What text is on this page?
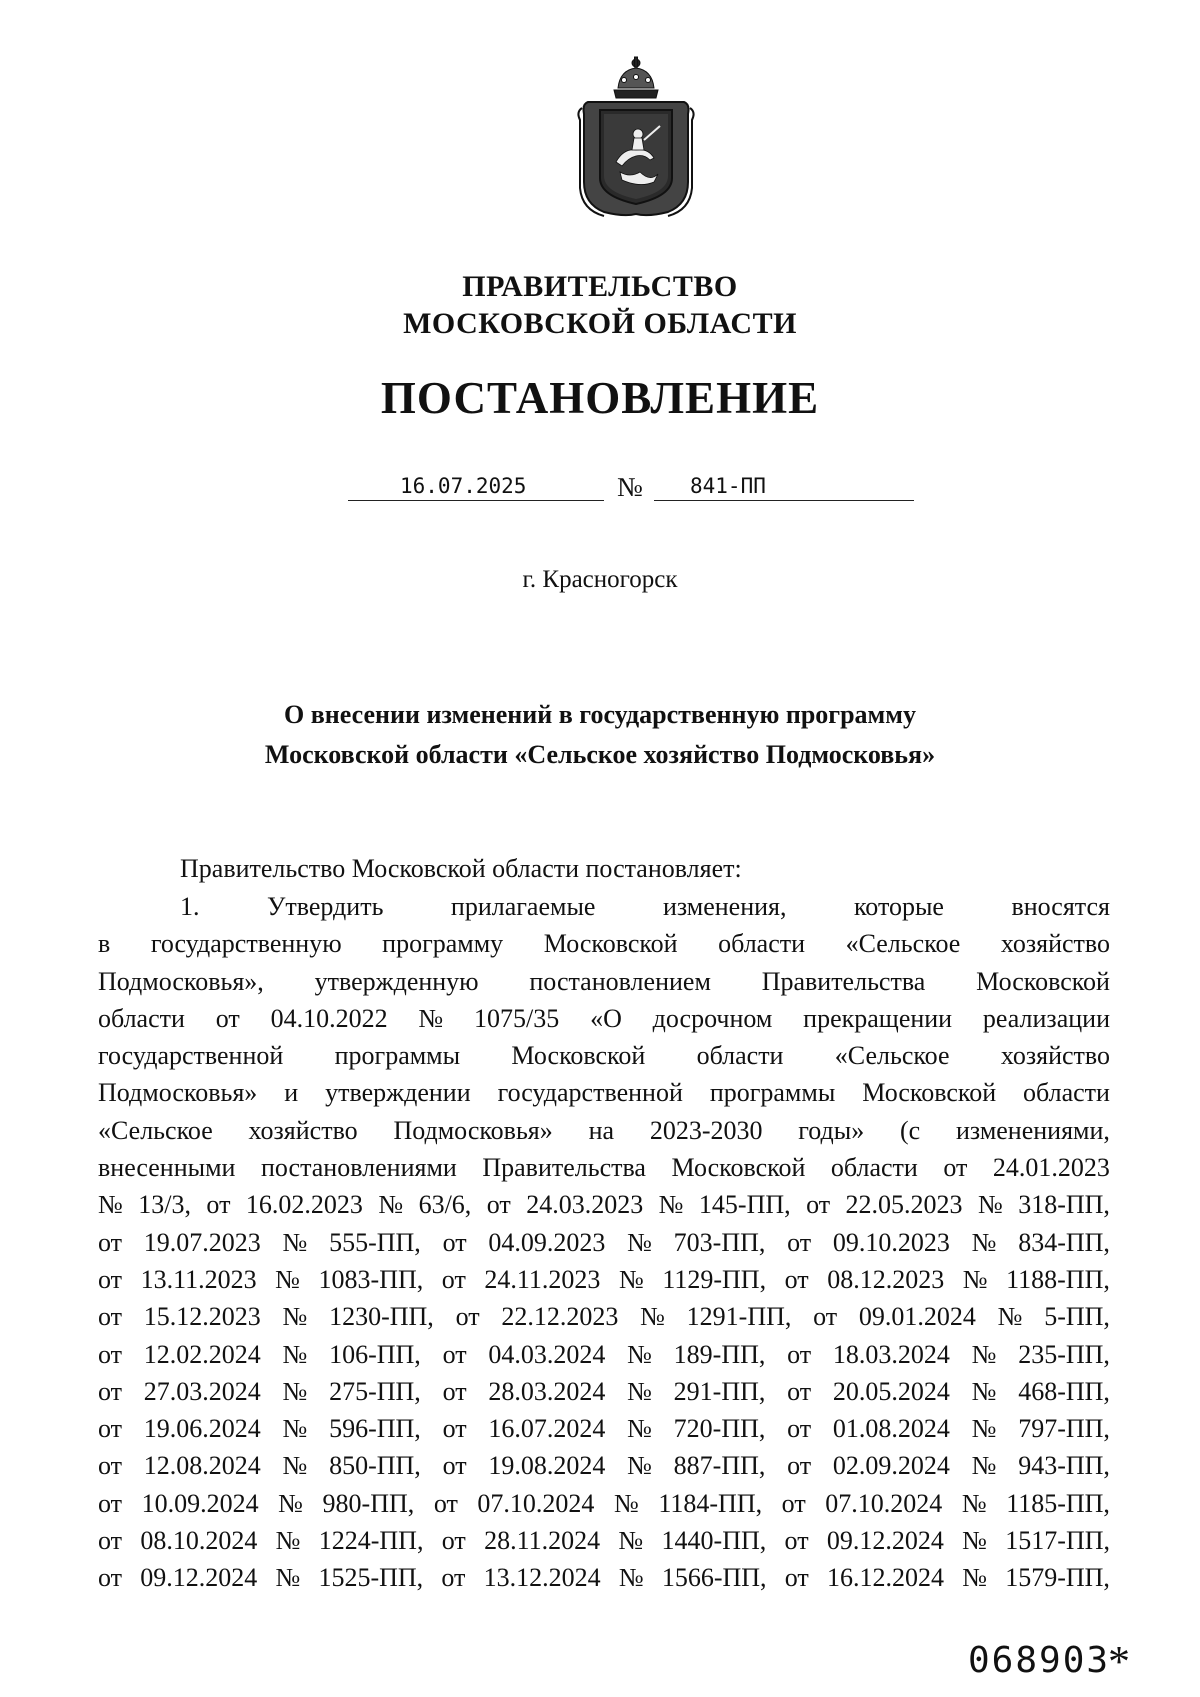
ПРАВИТЕЛЬСТВО
МОСКОВСКОЙ ОБЛАСТИ
ПОСТАНОВЛЕНИЕ
16.07.2025	№ 841-ПП
г. Красногорск
О внесении изменений в государственную программу
Московской области «Сельское хозяйство Подмосковья»
Правительство Московской области постановляет:
1.	Утвердить	прилагаемые	изменения,	которые	вносятся
в государственную программу Московской области «Сельское хозяйство
Подмосковья», утвержденную постановлением Правительства Московской
области от 04.10.2022 № 1075/35 «О досрочном прекращении реализации
государственной программы Московской области «Сельское хозяйство
Подмосковья» и утверждении государственной программы Московской области
«Сельское хозяйство Подмосковья» на 2023-2030 годы» (с изменениями,
внесенными постановлениями Правительства Московской области от 24.01.2023
№ 13/3, от 16.02.2023 № 63/6, от 24.03.2023 № 145-ПП, от 22.05.2023 № 318-ПП,
от 19.07.2023 № 555-ПП, от 04.09.2023 № 703-ПП, от 09.10.2023 № 834-ПП,
от 13.11.2023 № 1083-ПП, от 24.11.2023 № 1129-ПП, от 08.12.2023 № 1188-ПП,
от 15.12.2023 № 1230-ПП, от 22.12.2023 № 1291-ПП, от 09.01.2024 № 5-ПП,
от 12.02.2024 № 106-ПП, от 04.03.2024 № 189-ПП, от 18.03.2024 № 235-ПП,
от 27.03.2024 № 275-ПП, от 28.03.2024 № 291-ПП, от 20.05.2024 № 468-ПП,
от 19.06.2024 № 596-ПП, от 16.07.2024 № 720-ПП, от 01.08.2024 № 797-ПП,
от 12.08.2024 № 850-ПП, от 19.08.2024 № 887-ПП, от 02.09.2024 № 943-ПП,
от 10.09.2024 № 980-ПП, от 07.10.2024 № 1184-ПП, от 07.10.2024 № 1185-ПП,
от 08.10.2024 № 1224-ПП, от 28.11.2024 № 1440-ПП, от 09.12.2024 № 1517-ПП,
от 09.12.2024 № 1525-ПП, от 13.12.2024 № 1566-ПП, от 16.12.2024 № 1579-ПП,
068903
*
